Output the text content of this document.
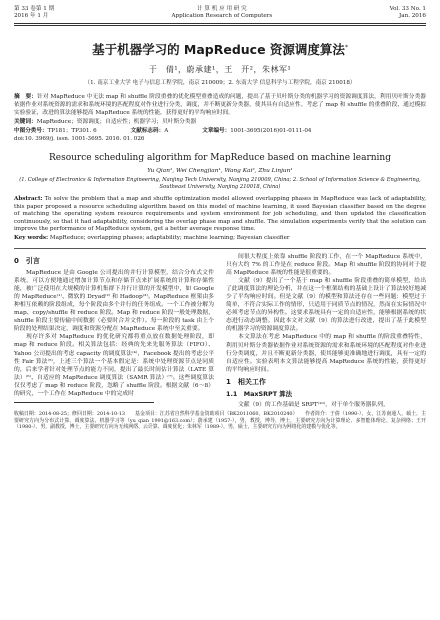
第 33 卷第 1 期
2016 年 1 月
计 算 机 应 用 研 究
Application Research of Computers
Vol. 33 No. 1
Jan. 2016
基于机器学习的 MapReduce 资源调度算法*
于　倩¹，蔚承建¹，王　开²，朱林军¹
（1. 南京工业大学 电子与信息工程学院，南京 210009；2. 东南大学 信息科学与工程学院，南京 210018）
摘　要：针对 MapReduce 中无法 map 和 shuffle 阶段重叠的优化模型重叠造成的问题，提出了基于贝叶斯分类的机器学习的资源调度算法，利用贝叶斯分类器依据作业对系统资源的需求和系统环境的匹配程度对作业进行分类，调度，并不断更新分类器，使其具有自适应性。考虑了 map 和 shuffle 的重叠阶段，通过模拟实验验证，改进的算法能够提高 MapReduce 系统的性能，获得更好的平均响应时间。
关键词：MapReduce；资源调度；自适应性；机器学习；贝叶斯分类器
中图分类号：TP181；TP301. 6	文献标志码：A	文章编号：1001-3695(2016)01-0111-04
doi:10. 3969/j. issn. 1001-3695. 2016. 01. 026
Resource scheduling algorithm for MapReduce based on machine learning
Yu Qian¹, Wei Chengjian¹, Wang Kai², Zhu Linjun¹
(1. College of Electronics & Information Engineering, Nanjing Tech University, Nanjing 210009, China; 2. School of Information Science & Engineering, Southeast University, Nanjing 210018, China)
Abstract: To solve the problem that a map and shuffle optimization model allowed overlapping phases in MapReduce was lack of adaptability, this paper proposed a resource scheduling algorithm based on this model of machine learning, it used Bayesian classifier based on the degree of matching the operating system resource requirements and system environment for job scheduling, and then updated the classification continuously, so that it had adaptability, considering the overlap phase map and shuffle. The simulation experiments verify that the solution can improve the performance of MapReduce system, get a better average response time.
Key words: MapReduce; overlapping phases; adaptability; machine learning; Bayesian classifier
0　引言

MapReduce 是由 Google 公司提出的并行计算模型，结合分布式文件系统，可以方便地通过增加计算节点和存储节点来扩展系统的计算和存储性能，被广泛使用在大规模的计算机集群下并行计算的开发模型中，如 Google 的 MapReduce⁽¹⁾、微软的 Dryad⁽²⁾ 和 Hadoop⁽³⁾。MapReduce 框架由多种相互依赖的阶段组成，每个阶段由多个并行的任务组成。一个工作被分解为 map、copy/shuffle 和 reduce 阶段。Map 和 reduce 阶段一般处理数据，shuffle 阶段主要传输中间数据（必要时合并文件）。每一阶段的 task 由上个阶段的处理结果决定，调度和资源分配在 MapReduce 系统中至关重要。

现存许多对 MapReduce 的优化研究都将重点放在数据处理阶段，即 map 和 reduce 阶段。相关算法包括：经典的先来先服务算法（FIFO）、Yahoo 公司提出的考虑 capacity 的调度算法⁽⁴⁾，Facebook 提出的考虑公平性 Fair 算法⁽⁵⁾，上述三个算法一个基本假定是：系统中处理资源节点是同质的，后来学者针对处理节点的能力不同，提出了最长时间估计算法（LATE 算法）⁽⁶⁾、自适应的 MapReduce 调度算法（SAMR 算法）⁽⁷⁾。这些调度算法仅仅考虑了 map 和 reduce 阶段，忽略了 shuffle 阶段。根据文献（6～8）的研究，一个工作在 MapReduce 中的完成时

间很大程度上依靠 shuffle 阶段的工作，在一个 MapReduce 系统中，只有大约 7% 的工作是在 reduce 阶段。Map 和 shuffle 阶段的协同对于提高 MapReduce 系统的性能是很重要的。

文献（9）提出了一个基于 map 和 shuffle 阶段重叠的简单模型，给出了此调度算法的理论分析，并在这一个框架结构的基础上设计了算法较好地减少了平均响应时间。但是文献（9）的模型和算法还存在一些问题：模型过于简单，不符合实际工作的情形，只适用于同质节点的情况，然而在实际情况中必须考虑节点的异构性。这要求系统具有一定的自适应性，能够根据系统的状态进行动态调整。因此本文对文献（9）的算法进行改进，提出了基于此模型的机器学习的资源调度算法。

本文算法在考虑 MapReduce 中的 map 和 shuffle 的阶段重叠特性，利用贝叶斯分类器依据作业对系统资源的需求和系统环境的匹配程度对作业进行分类调度，并且不断更新分类器，使其能够更准确地进行调度，具有一定的自适应性。实验表明本文算法能够提高 MapReduce 系统的性能，获得更好的平均响应时间。

1　相关工作
1.1　MaxSRPT 算法

文献（9）的工作基础是 SRPT⁽¹⁰⁾，对于单个服务器队列，

收稿日期：2014-08-25；修回日期：2014-10-13　　基金项目：江苏省自然科学基金资助项目（BK2011060，BK2010240）　　作者简介：于倩（1990-），女，江苏南通人，硕士，主要研究方向为分布式计算、调度算法、机器学习等（yu_qian_1991@163.com）；蔚承建（1957-），男，教授，博导，博士，主要研究方向为计算理论、多智能体理论、复杂网络；王开（1980-），男，副教授，博士，主要研究方向为无线网络、云计算、调度优化；朱林军（1989-），男，硕士，主要研究方向为网络化的建模与优化等。
